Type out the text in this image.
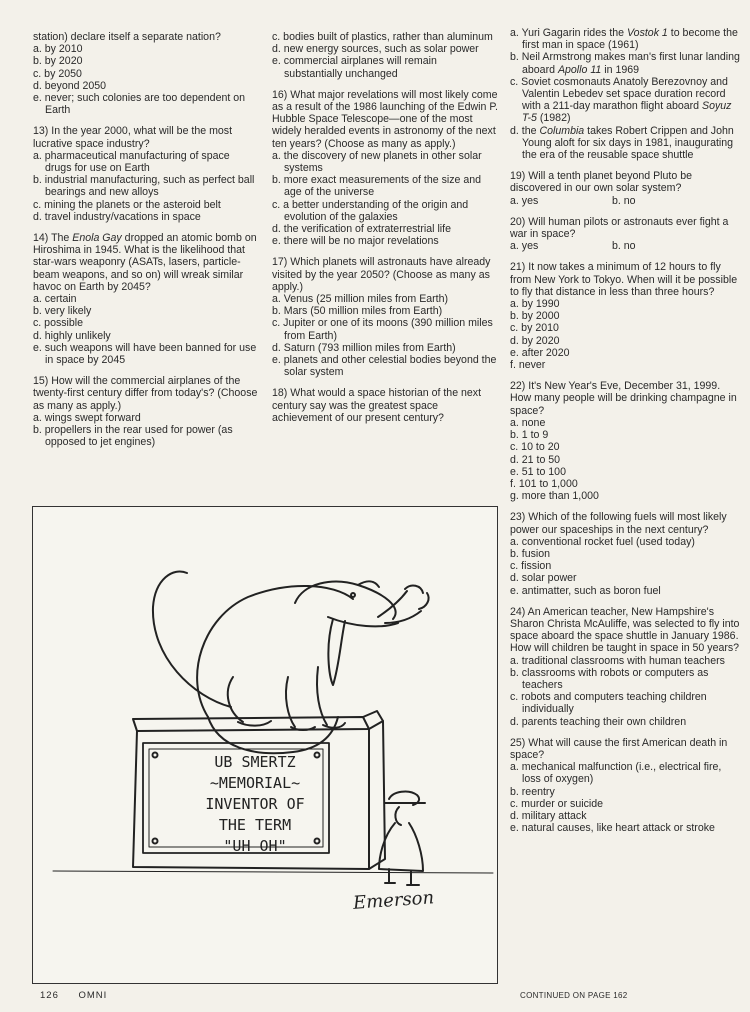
station) declare itself a separate nation?

a. by 2010
b. by 2020
c. by 2050
d. beyond 2050
e. never; such colonies are too dependent on Earth

13) In the year 2000, what will be the most lucrative space industry?

a. pharmaceutical manufacturing of space drugs for use on Earth
b. industrial manufacturing, such as perfect ball bearings and new alloys
c. mining the planets or the asteroid belt
d. travel industry/vacations in space

14) The Enola Gay dropped an atomic bomb on Hiroshima in 1945. What is the likelihood that star-wars weaponry (ASATs, lasers, particle-beam weapons, and so on) will wreak similar havoc on Earth by 2045?

a. certain
b. very likely
c. possible
d. highly unlikely
e. such weapons will have been banned for use in space by 2045

15) How will the commercial airplanes of the twenty-first century differ from today's? (Choose as many as apply.)

a. wings swept forward
b. propellers in the rear used for power (as opposed to jet engines)
c. bodies built of plastics, rather than aluminum
d. new energy sources, such as solar power
e. commercial airplanes will remain substantially unchanged

16) What major revelations will most likely come as a result of the 1986 launching of the Edwin P. Hubble Space Telescope—one of the most widely heralded events in astronomy of the next ten years? (Choose as many as apply.)

a. the discovery of new planets in other solar systems
b. more exact measurements of the size and age of the universe
c. a better understanding of the origin and evolution of the galaxies
d. the verification of extraterrestrial life
e. there will be no major revelations

17) Which planets will astronauts have already visited by the year 2050? (Choose as many as apply.)

a. Venus (25 million miles from Earth)
b. Mars (50 million miles from Earth)
c. Jupiter or one of its moons (390 million miles from Earth)
d. Saturn (793 million miles from Earth)
e. planets and other celestial bodies beyond the solar system

18) What would a space historian of the next century say was the greatest space achievement of our present century?

a. Yuri Gagarin rides the Vostok 1 to become the first man in space (1961)
b. Neil Armstrong makes man's first lunar landing aboard Apollo 11 in 1969
c. Soviet cosmonauts Anatoly Berezovnoy and Valentin Lebedev set space duration record with a 211-day marathon flight aboard Soyuz T-5 (1982)
d. the Columbia takes Robert Crippen and John Young aloft for six days in 1981, inaugurating the era of the reusable space shuttle

19) Will a tenth planet beyond Pluto be discovered in our own solar system?

a. yes	b. no

20) Will human pilots or astronauts ever fight a war in space?

a. yes	b. no

21) It now takes a minimum of 12 hours to fly from New York to Tokyo. When will it be possible to fly that distance in less than three hours?

a. by 1990
b. by 2000
c. by 2010
d. by 2020
e. after 2020
f. never

22) It's New Year's Eve, December 31, 1999. How many people will be drinking champagne in space?

a. none
b. 1 to 9
c. 10 to 20
d. 21 to 50
e. 51 to 100
f. 101 to 1,000
g. more than 1,000

23) Which of the following fuels will most likely power our spaceships in the next century?

a. conventional rocket fuel (used today)
b. fusion
c. fission
d. solar power
e. antimatter, such as boron fuel

24) An American teacher, New Hampshire's Sharon Christa McAuliffe, was selected to fly into space aboard the space shuttle in January 1986. How will children be taught in space in 50 years?

a. traditional classrooms with human teachers
b. classrooms with robots or computers as teachers
c. robots and computers teaching children individually
d. parents teaching their own children

25) What will cause the first American death in space?

a. mechanical malfunction (i.e., electrical fire, loss of oxygen)
b. reentry
c. murder or suicide
d. military attack
e. natural causes, like heart attack or stroke
UB SMERTZ
~MEMORIAL~
INVENTOR OF
THE TERM
"UH OH"
Emerson
126 OMNI	CONTINUED ON PAGE 162
